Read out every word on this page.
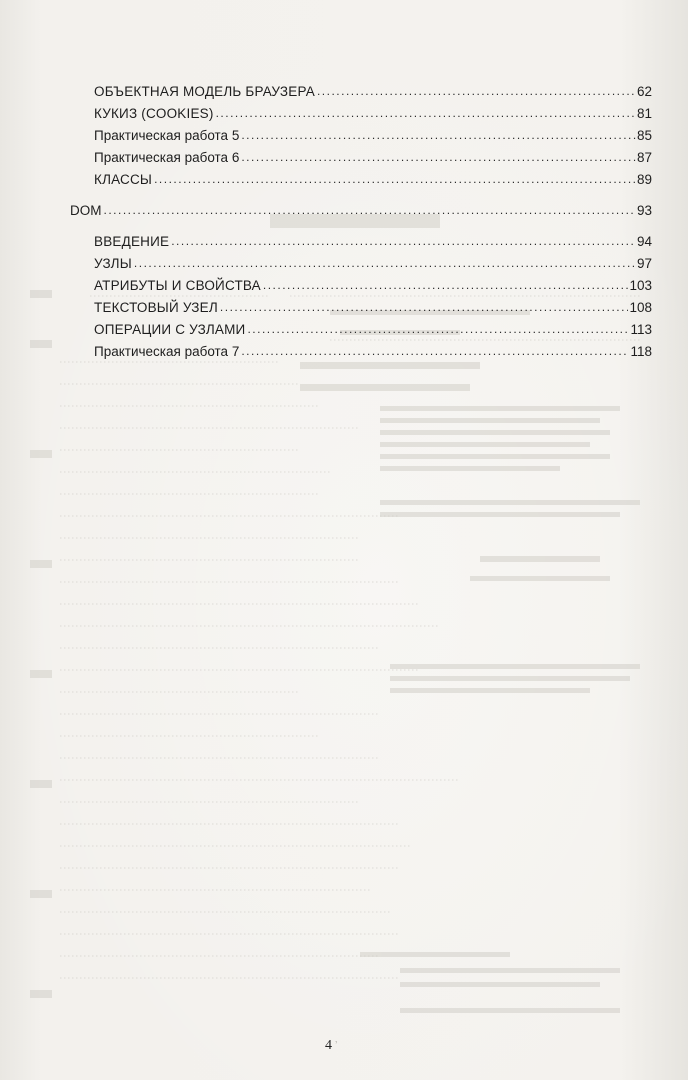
ОБЪЕКТНАЯ МОДЕЛЬ БРАУЗЕРА .....	62
КУКИЗ (COOKIES) .....	81
Практическая работа 5 .....	85
Практическая работа 6 .....	87
КЛАССЫ .....	89
DOM .....	93
ВВЕДЕНИЕ .....	94
УЗЛЫ .....	97
АТРИБУТЫ И СВОЙСТВА .....	103
ТЕКСТОВЫЙ УЗЕЛ .....	108
ОПЕРАЦИИ С УЗЛАМИ .....	113
Практическая работа 7 .....	118
4 ʼ
